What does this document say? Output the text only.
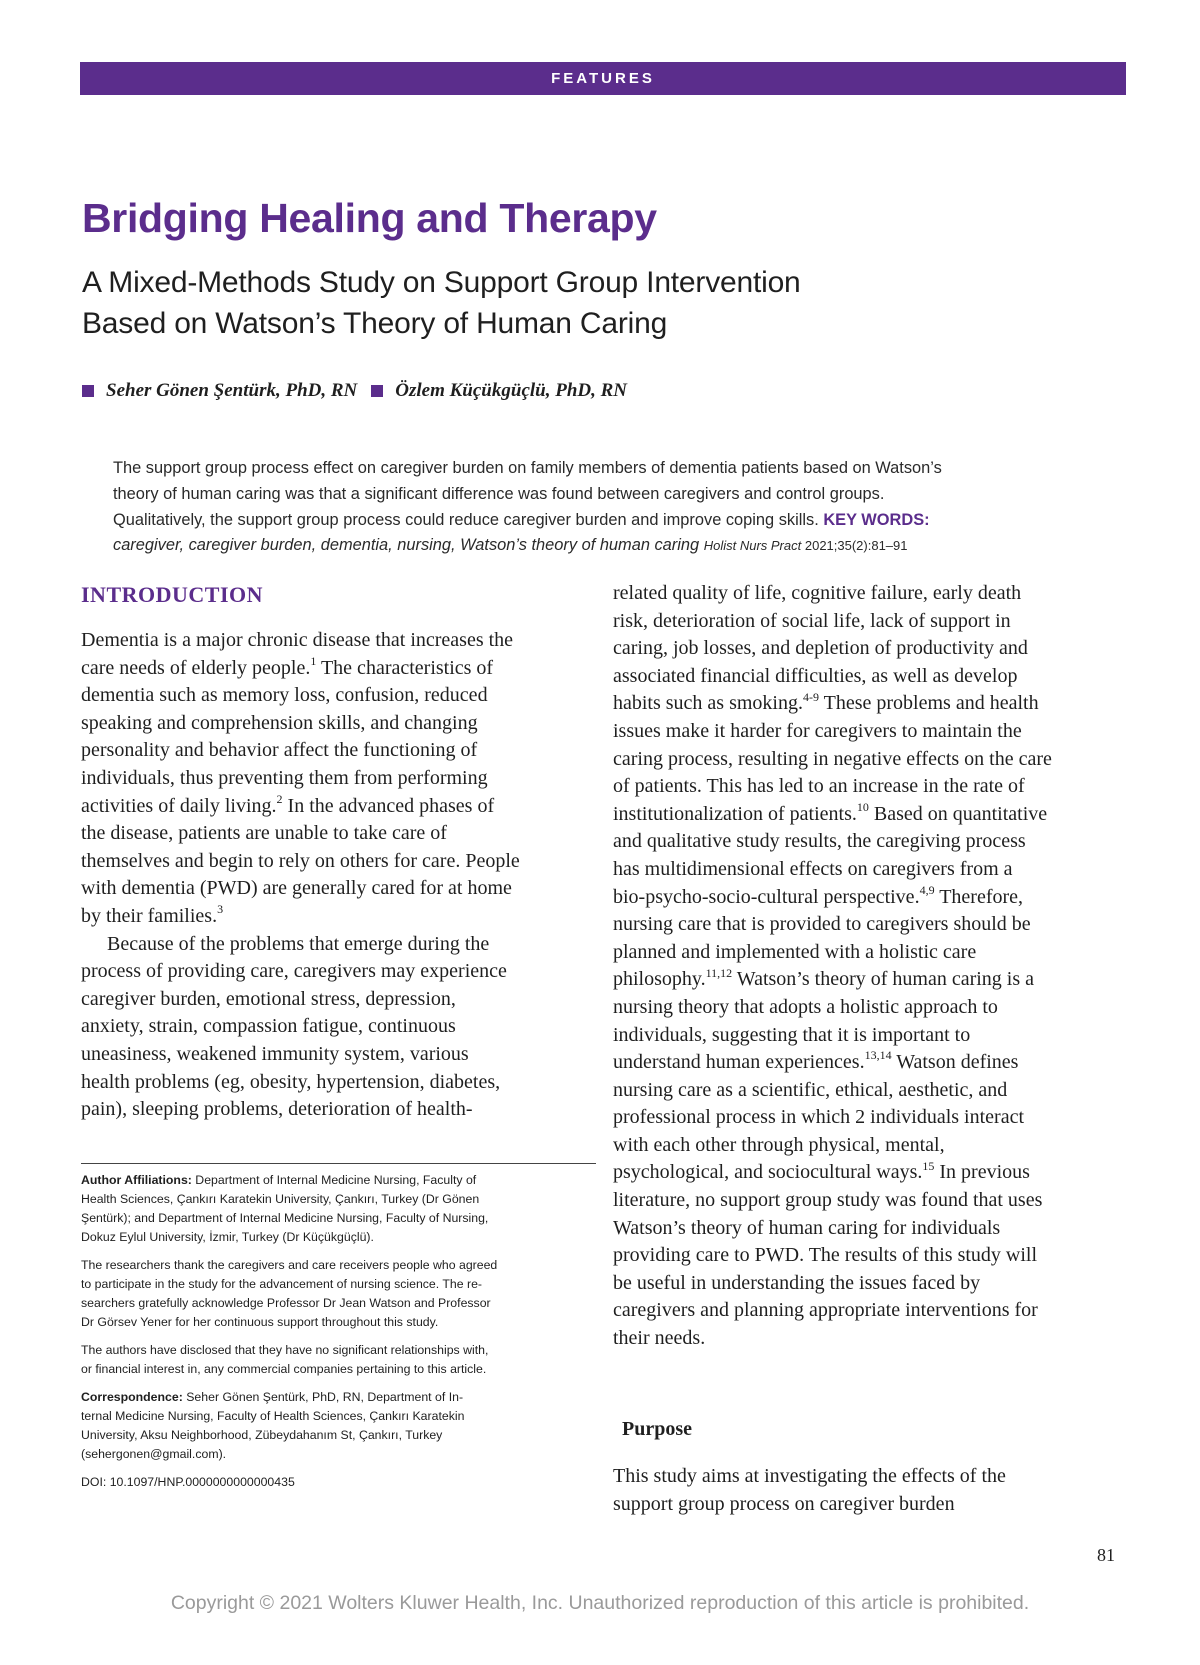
FEATURES
Bridging Healing and Therapy
A Mixed-Methods Study on Support Group Intervention
Based on Watson’s Theory of Human Caring
Seher Gönen Şentürk, PhD, RN Özlem Küçükgüçlü, PhD, RN
The support group process effect on caregiver burden on family members of dementia patients based on Watson’s
theory of human caring was that a significant difference was found between caregivers and control groups.
Qualitatively, the support group process could reduce caregiver burden and improve coping skills. KEY WORDS:
caregiver, caregiver burden, dementia, nursing, Watson’s theory of human caring Holist Nurs Pract 2021;35(2):81–91
INTRODUCTION
Dementia is a major chronic disease that increases the
care needs of elderly people.$^1$ The characteristics of
dementia such as memory loss, confusion, reduced
speaking and comprehension skills, and changing
personality and behavior affect the functioning of
individuals, thus preventing them from performing
activities of daily living.$^2$ In the advanced phases of
the disease, patients are unable to take care of
themselves and begin to rely on others for care. People
with dementia (PWD) are generally cared for at home
by their families.$^3$
Because of the problems that emerge during the
process of providing care, caregivers may experience
caregiver burden, emotional stress, depression,
anxiety, strain, compassion fatigue, continuous
uneasiness, weakened immunity system, various
health problems (eg, obesity, hypertension, diabetes,
pain), sleeping problems, deterioration of health-
related quality of life, cognitive failure, early death
risk, deterioration of social life, lack of support in
caring, job losses, and depletion of productivity and
associated financial difficulties, as well as develop
habits such as smoking.$^{4-9}$ These problems and health
issues make it harder for caregivers to maintain the
caring process, resulting in negative effects on the care
of patients. This has led to an increase in the rate of
institutionalization of patients.$^{10}$ Based on quantitative
and qualitative study results, the caregiving process
has multidimensional effects on caregivers from a
bio-psycho-socio-cultural perspective.$^{4,9}$ Therefore,
nursing care that is provided to caregivers should be
planned and implemented with a holistic care
philosophy.$^{11,12}$ Watson’s theory of human caring is a
nursing theory that adopts a holistic approach to
individuals, suggesting that it is important to
understand human experiences.$^{13,14}$ Watson defines
nursing care as a scientific, ethical, aesthetic, and
professional process in which 2 individuals interact
with each other through physical, mental,
psychological, and sociocultural ways.$^{15}$ In previous
literature, no support group study was found that uses
Watson’s theory of human caring for individuals
providing care to PWD. The results of this study will
be useful in understanding the issues faced by
caregivers and planning appropriate interventions for
their needs.
Purpose
This study aims at investigating the effects of the
support group process on caregiver burden
Author Affiliations: Department of Internal Medicine Nursing, Faculty of
Health Sciences, Çankırı Karatekin University, Çankırı, Turkey (Dr Gönen
Şentürk); and Department of Internal Medicine Nursing, Faculty of Nursing,
Dokuz Eylul University, İzmir, Turkey (Dr Küçükgüçlü).
The researchers thank the caregivers and care receivers people who agreed
to participate in the study for the advancement of nursing science. The re-
searchers gratefully acknowledge Professor Dr Jean Watson and Professor
Dr Görsev Yener for her continuous support throughout this study.
The authors have disclosed that they have no significant relationships with,
or financial interest in, any commercial companies pertaining to this article.
Correspondence: Seher Gönen Şentürk, PhD, RN, Department of In-
ternal Medicine Nursing, Faculty of Health Sciences, Çankırı Karatekin
University, Aksu Neighborhood, Zübeydahanım St, Çankırı, Turkey
(sehergonen@gmail.com).
DOI: 10.1097/HNP.0000000000000435
81
Copyright © 2021 Wolters Kluwer Health, Inc. Unauthorized reproduction of this article is prohibited.
